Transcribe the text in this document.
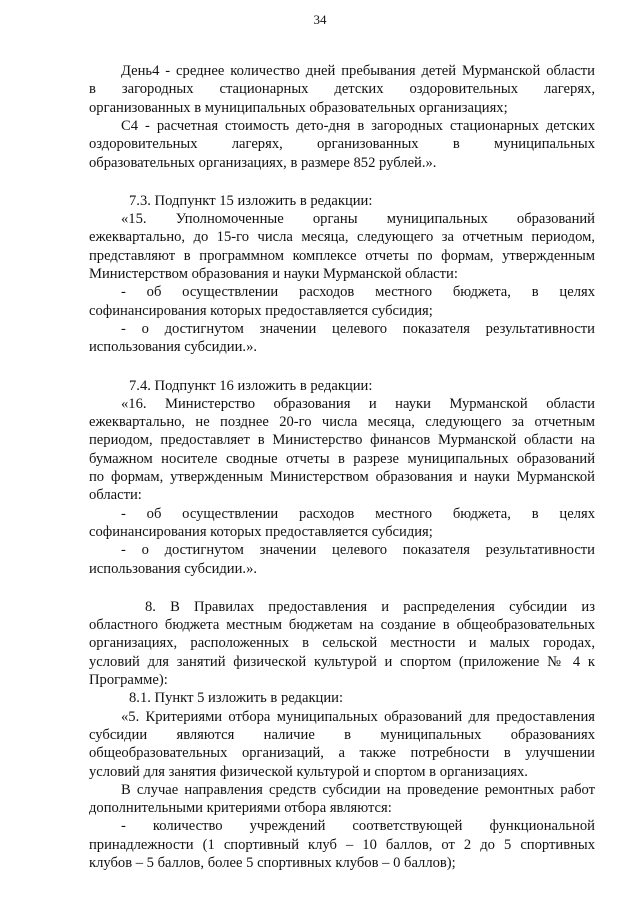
34
День4 - среднее количество дней пребывания детей Мурманской области
в загородных стационарных детских оздоровительных лагерях,
организованных в муниципальных образовательных организациях;
С4 - расчетная стоимость дето-дня в загородных стационарных детских
оздоровительных лагерях, организованных в муниципальных
образовательных организациях, в размере 852 рублей.».
7.3. Подпункт 15 изложить в редакции:
«15. Уполномоченные органы муниципальных образований
ежеквартально, до 15-го числа месяца, следующего за отчетным периодом,
представляют в программном комплексе отчеты по формам, утвержденным
Министерством образования и науки Мурманской области:
- об осуществлении расходов местного бюджета, в целях
софинансирования которых предоставляется субсидия;
- о достигнутом значении целевого показателя результативности
использования субсидии.».
7.4. Подпункт 16 изложить в редакции:
«16. Министерство образования и науки Мурманской области
ежеквартально, не позднее 20-го числа месяца, следующего за отчетным
периодом, предоставляет в Министерство финансов Мурманской области на
бумажном носителе сводные отчеты в разрезе муниципальных образований
по формам, утвержденным Министерством образования и науки Мурманской
области:
- об осуществлении расходов местного бюджета, в целях
софинансирования которых предоставляется субсидия;
- о достигнутом значении целевого показателя результативности
использования субсидии.».
8. В Правилах предоставления и распределения субсидии из
областного бюджета местным бюджетам на создание в общеобразовательных
организациях, расположенных в сельской местности и малых городах,
условий для занятий физической культурой и спортом (приложение № 4 к
Программе):
8.1. Пункт 5 изложить в редакции:
«5. Критериями отбора муниципальных образований для предоставления
субсидии являются наличие в муниципальных образованиях
общеобразовательных организаций, а также потребности в улучшении
условий для занятия физической культурой и спортом в организациях.
В случае направления средств субсидии на проведение ремонтных работ
дополнительными критериями отбора являются:
- количество учреждений соответствующей функциональной
принадлежности (1 спортивный клуб – 10 баллов, от 2 до 5 спортивных
клубов – 5 баллов, более 5 спортивных клубов – 0 баллов);
